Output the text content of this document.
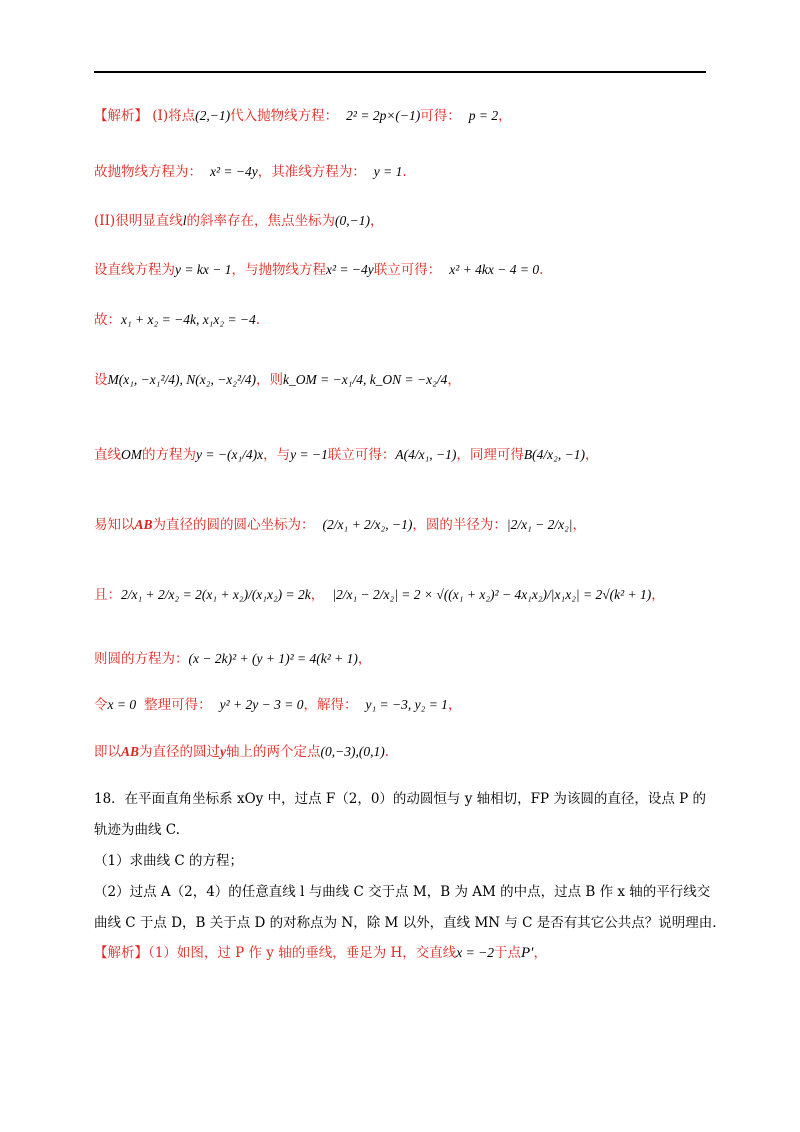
【解析】 (I)将点(2,−1)代入抛物线方程： 2² = 2p×(−1)可得： p = 2，
故抛物线方程为： x² = −4y，其准线方程为： y = 1.
(II)很明显直线l的斜率存在，焦点坐标为(0,−1)，
设直线方程为y = kx − 1，与抛物线方程x² = −4y联立可得： x² + 4kx − 4 = 0.
故：x₁ + x₂ = −4k, x₁x₂ = −4.
设M(x₁, −x₁²/4), N(x₂, −x₂²/4)，则k_OM = −x₁/4, k_ON = −x₂/4，
直线OM的方程为y = −(x₁/4)x，与y = −1联立可得：A(4/x₁, −1)，同理可得B(4/x₂, −1)，
易知以AB为直径的圆的圆心坐标为： (2/x₁ + 2/x₂, −1)，圆的半径为：|2/x₁ − 2/x₂|，
且：2/x₁ + 2/x₂ = 2(x₁ + x₂)/(x₁x₂) = 2k， |2/x₁ − 2/x₂| = 2 × √((x₁ + x₂)² − 4x₁x₂)/|x₁x₂| = 2√(k² + 1)，
则圆的方程为：(x − 2k)² + (y + 1)² = 4(k² + 1)，
令x = 0 整理可得： y² + 2y − 3 = 0，解得： y₁ = −3, y₂ = 1，
即以AB为直径的圆过y轴上的两个定点(0,−3),(0,1).
18．在平面直角坐标系 xOy 中，过点 F（2，0）的动圆恒与 y 轴相切，FP 为该圆的直径，设点 P 的
轨迹为曲线 C.
（1）求曲线 C 的方程；
（2）过点 A（2，4）的任意直线 l 与曲线 C 交于点 M，B 为 AM 的中点，过点 B 作 x 轴的平行线交
曲线 C 于点 D，B 关于点 D 的对称点为 N，除 M 以外，直线 MN 与 C 是否有其它公共点？说明理由.
【解析】（1）如图，过 P 作 y 轴的垂线，垂足为 H，交直线x = −2于点P′，
